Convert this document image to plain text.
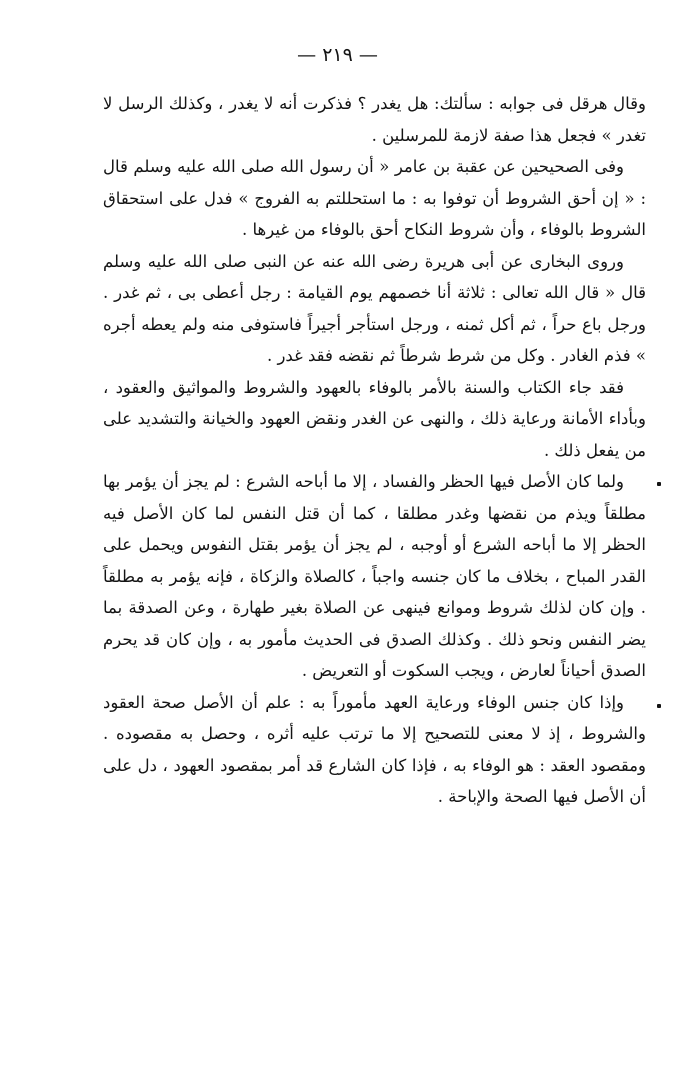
— ٢١٩ —

وقال هرقل فى جوابه : سألتك: هل يغدر ؟ فذكرت أنه لا يغدر ، وكذلك الرسل لا تغدر » فجعل هذا صفة لازمة للمرسلين .

وفى الصحيحين عن عقبة بن عامر « أن رسول الله صلى الله عليه وسلم قال : « إن أحق الشروط أن توفوا به : ما استحللتم به الفروج » فدل على استحقاق الشروط بالوفاء ، وأن شروط النكاح أحق بالوفاء من غيرها .

وروى البخارى عن أبى هريرة رضى الله عنه عن النبى صلى الله عليه وسلم قال « قال الله تعالى : ثلاثة أنا خصمهم يوم القيامة : رجل أعطى بى ، ثم غدر . ورجل باع حراً ، ثم أكل ثمنه ، ورجل استأجر أجيراً فاستوفى منه ولم يعطه أجره » فذم الغادر . وكل من شرط شرطاً ثم نقضه فقد غدر .

فقد جاء الكتاب والسنة بالأمر بالوفاء بالعهود والشروط والمواثيق والعقود ، وبأداء الأمانة ورعاية ذلك ، والنهى عن الغدر ونقض العهود والخيانة والتشديد على من يفعل ذلك .

ولما كان الأصل فيها الحظر والفساد ، إلا ما أباحه الشرع : لم يجز أن يؤمر بها مطلقاً ويذم من نقضها وغدر مطلقا ، كما أن قتل النفس لما كان الأصل فيه الحظر إلا ما أباحه الشرع أو أوجبه ، لم يجز أن يؤمر بقتل النفوس ويحمل على القدر المباح ، بخلاف ما كان جنسه واجباً ، كالصلاة والزكاة ، فإنه يؤمر به مطلقاً . وإن كان لذلك شروط وموانع فينهى عن الصلاة بغير طهارة ، وعن الصدقة بما يضر النفس ونحو ذلك . وكذلك الصدق فى الحديث مأمور به ، وإن كان قد يحرم الصدق أحياناً لعارض ، ويجب السكوت أو التعريض .

وإذا كان جنس الوفاء ورعاية العهد مأموراً به : علم أن الأصل صحة العقود والشروط ، إذ لا معنى للتصحيح إلا ما ترتب عليه أثره ، وحصل به مقصوده . ومقصود العقد : هو الوفاء به ، فإذا كان الشارع قد أمر بمقصود العهود ، دل على أن الأصل فيها الصحة والإباحة .
